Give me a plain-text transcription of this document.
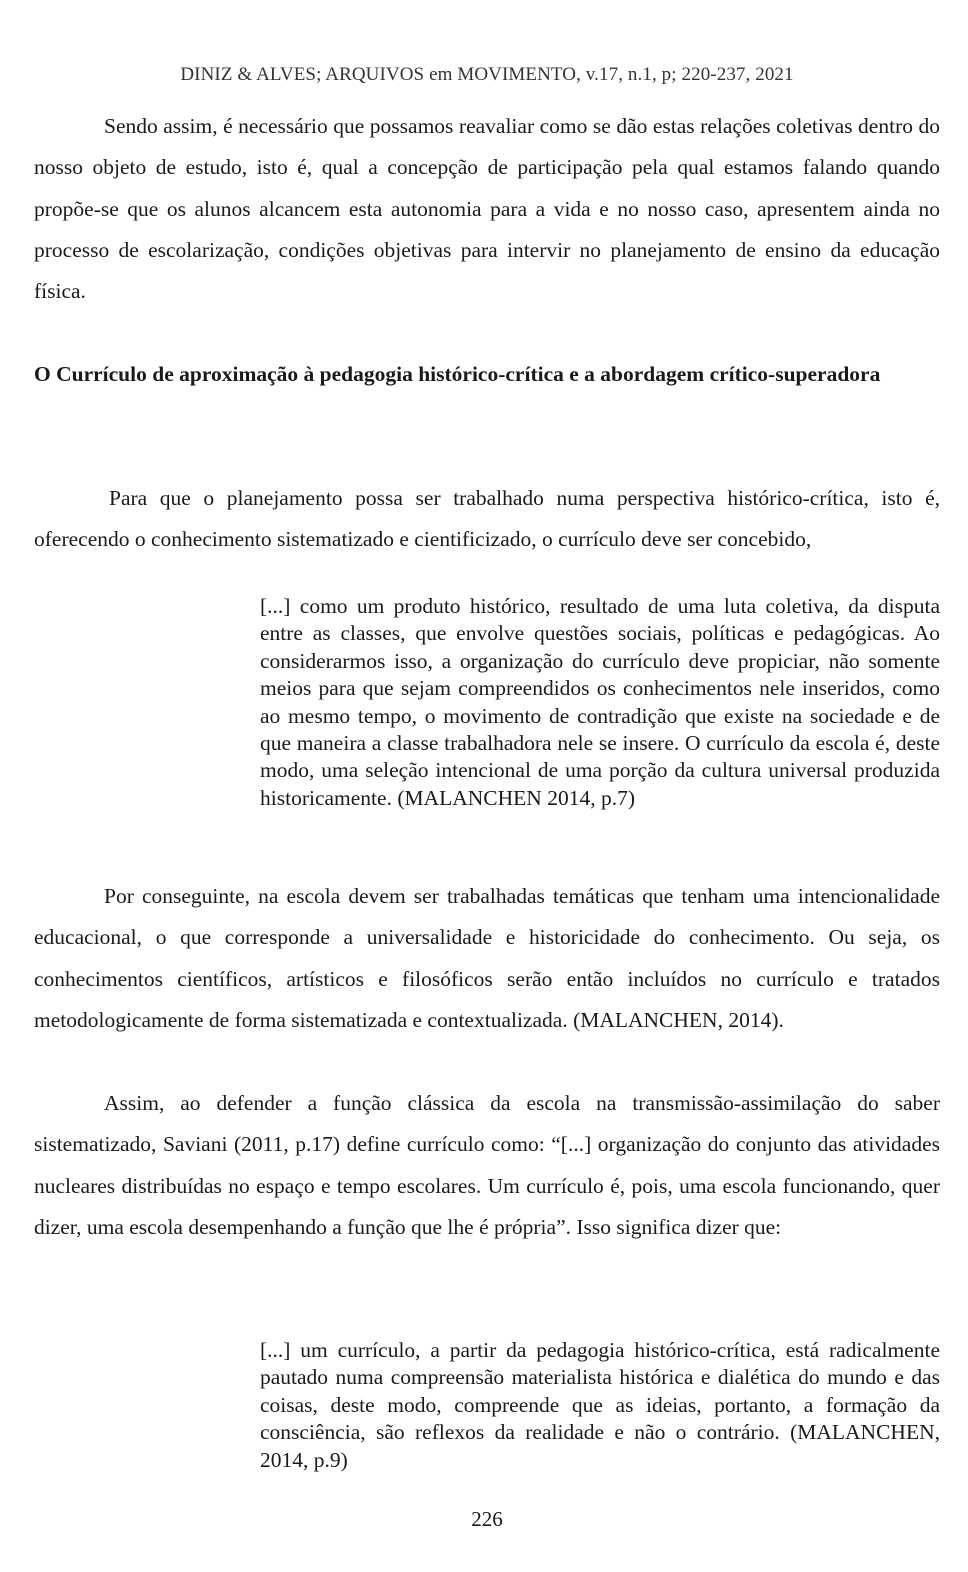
DINIZ & ALVES; ARQUIVOS em MOVIMENTO, v.17, n.1, p; 220-237, 2021

Sendo assim, é necessário que possamos reavaliar como se dão estas relações coletivas dentro do nosso objeto de estudo, isto é, qual a concepção de participação pela qual estamos falando quando propõe-se que os alunos alcancem esta autonomia para a vida e no nosso caso, apresentem ainda no processo de escolarização, condições objetivas para intervir no planejamento de ensino da educação física.

O Currículo de aproximação à pedagogia histórico-crítica e a abordagem crítico-superadora

Para que o planejamento possa ser trabalhado numa perspectiva histórico-crítica, isto é, oferecendo o conhecimento sistematizado e cientificizado, o currículo deve ser concebido,

[...] como um produto histórico, resultado de uma luta coletiva, da disputa entre as classes, que envolve questões sociais, políticas e pedagógicas. Ao considerarmos isso, a organização do currículo deve propiciar, não somente meios para que sejam compreendidos os conhecimentos nele inseridos, como ao mesmo tempo, o movimento de contradição que existe na sociedade e de que maneira a classe trabalhadora nele se insere. O currículo da escola é, deste modo, uma seleção intencional de uma porção da cultura universal produzida historicamente. (MALANCHEN 2014, p.7)

Por conseguinte, na escola devem ser trabalhadas temáticas que tenham uma intencionalidade educacional, o que corresponde a universalidade e historicidade do conhecimento. Ou seja, os conhecimentos científicos, artísticos e filosóficos serão então incluídos no currículo e tratados metodologicamente de forma sistematizada e contextualizada. (MALANCHEN, 2014).

Assim, ao defender a função clássica da escola na transmissão-assimilação do saber sistematizado, Saviani (2011, p.17) define currículo como: “[...] organização do conjunto das atividades nucleares distribuídas no espaço e tempo escolares. Um currículo é, pois, uma escola funcionando, quer dizer, uma escola desempenhando a função que lhe é própria”. Isso significa dizer que:

[...] um currículo, a partir da pedagogia histórico-crítica, está radicalmente pautado numa compreensão materialista histórica e dialética do mundo e das coisas, deste modo, compreende que as ideias, portanto, a formação da consciência, são reflexos da realidade e não o contrário. (MALANCHEN, 2014, p.9)

226
